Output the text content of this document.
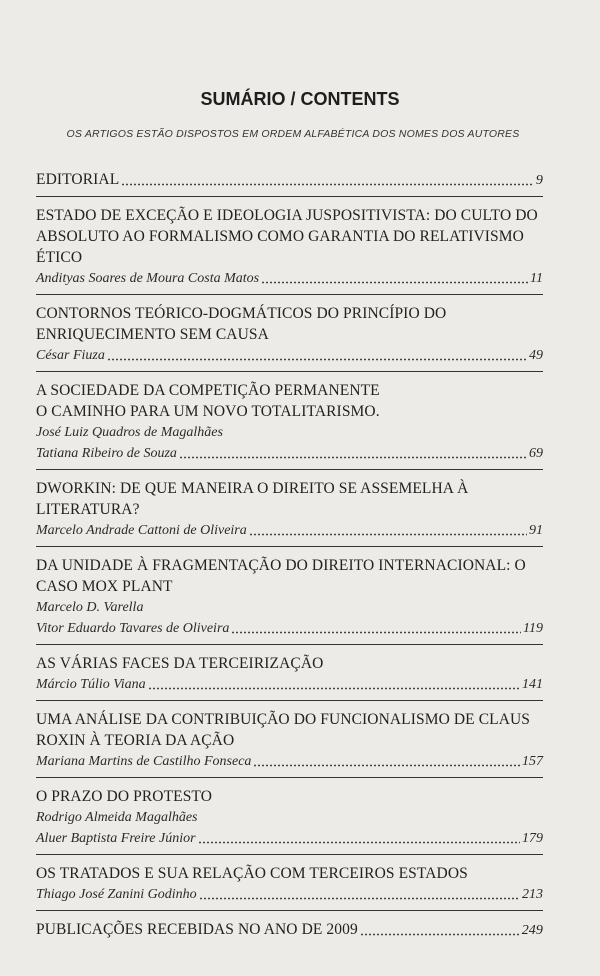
SUMÁRIO / CONTENTS
OS ARTIGOS ESTÃO DISPOSTOS EM ORDEM ALFABÉTICA DOS NOMES DOS AUTORES
EDITORIAL	9
ESTADO DE EXCEÇÃO E IDEOLOGIA JUSPOSITIVISTA: DO CULTO DO
ABSOLUTO AO FORMALISMO COMO GARANTIA DO RELATIVISMO
ÉTICO
Andityas Soares de Moura Costa Matos	11
CONTORNOS TEÓRICO-DOGMÁTICOS DO PRINCÍPIO DO
ENRIQUECIMENTO SEM CAUSA
César Fiuza	49
A SOCIEDADE DA COMPETIÇÃO PERMANENTE
O CAMINHO PARA UM NOVO TOTALITARISMO.
José Luiz Quadros de Magalhães
Tatiana Ribeiro de Souza	69
DWORKIN: DE QUE MANEIRA O DIREITO SE ASSEMELHA À
LITERATURA?
Marcelo Andrade Cattoni de Oliveira	91
DA UNIDADE À FRAGMENTAÇÃO DO DIREITO INTERNACIONAL: O
CASO MOX PLANT
Marcelo D. Varella
Vitor Eduardo Tavares de Oliveira	119
AS VÁRIAS FACES DA TERCEIRIZAÇÃO
Márcio Túlio Viana	141
UMA ANÁLISE DA CONTRIBUIÇÃO DO FUNCIONALISMO DE CLAUS
ROXIN À TEORIA DA AÇÃO
Mariana Martins de Castilho Fonseca	157
O PRAZO DO PROTESTO
Rodrigo Almeida Magalhães
Aluer Baptista Freire Júnior	179
OS TRATADOS E SUA RELAÇÃO COM TERCEIROS ESTADOS
Thiago José Zanini Godinho	213
PUBLICAÇÕES RECEBIDAS NO ANO DE 2009	249
